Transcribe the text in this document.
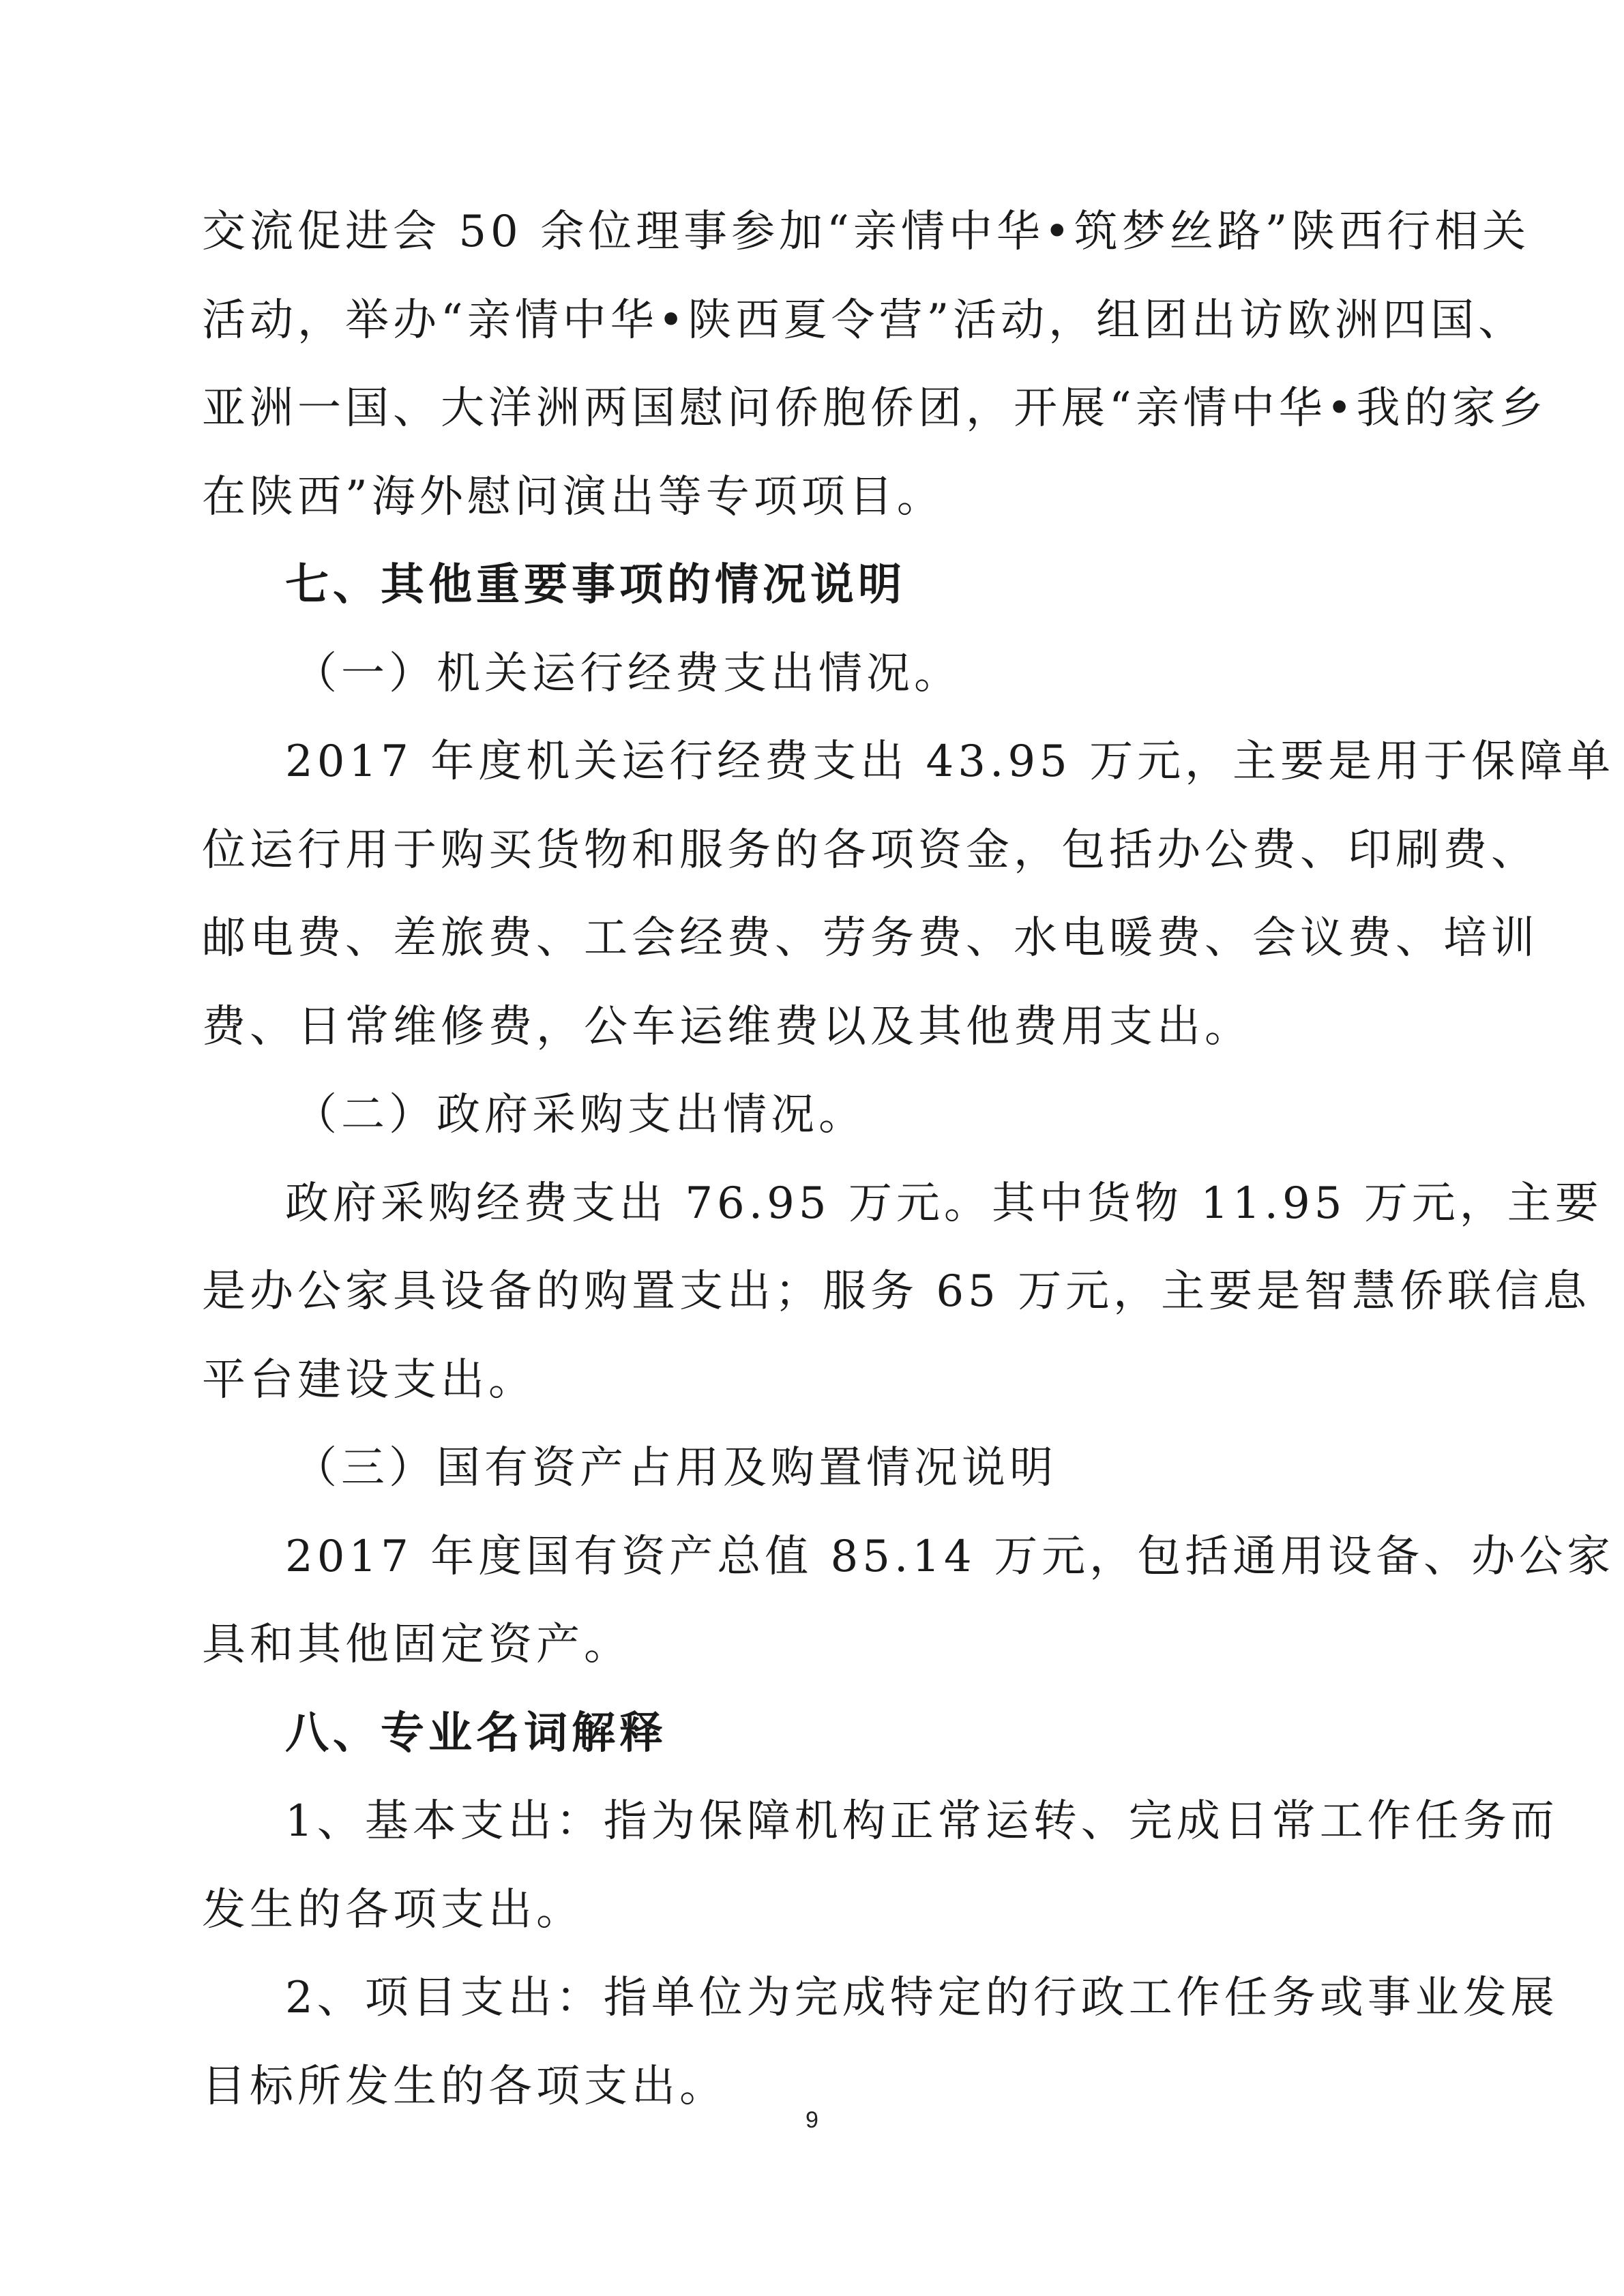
交流促进会 50 余位理事参加“亲情中华•筑梦丝路”陕西行相关
活动，举办“亲情中华•陕西夏令营”活动，组团出访欧洲四国、
亚洲一国、大洋洲两国慰问侨胞侨团，开展“亲情中华•我的家乡
在陕西”海外慰问演出等专项项目。
七、其他重要事项的情况说明
（一）机关运行经费支出情况。
2017 年度机关运行经费支出 43.95 万元，主要是用于保障单
位运行用于购买货物和服务的各项资金，包括办公费、印刷费、
邮电费、差旅费、工会经费、劳务费、水电暖费、会议费、培训
费、日常维修费，公车运维费以及其他费用支出。
（二）政府采购支出情况。
政府采购经费支出 76.95 万元。其中货物 11.95 万元，主要
是办公家具设备的购置支出；服务 65 万元，主要是智慧侨联信息
平台建设支出。
（三）国有资产占用及购置情况说明
2017 年度国有资产总值 85.14 万元，包括通用设备、办公家
具和其他固定资产。
八、专业名词解释
1、基本支出：指为保障机构正常运转、完成日常工作任务而
发生的各项支出。
9
2、项目支出：指单位为完成特定的行政工作任务或事业发展
目标所发生的各项支出。
